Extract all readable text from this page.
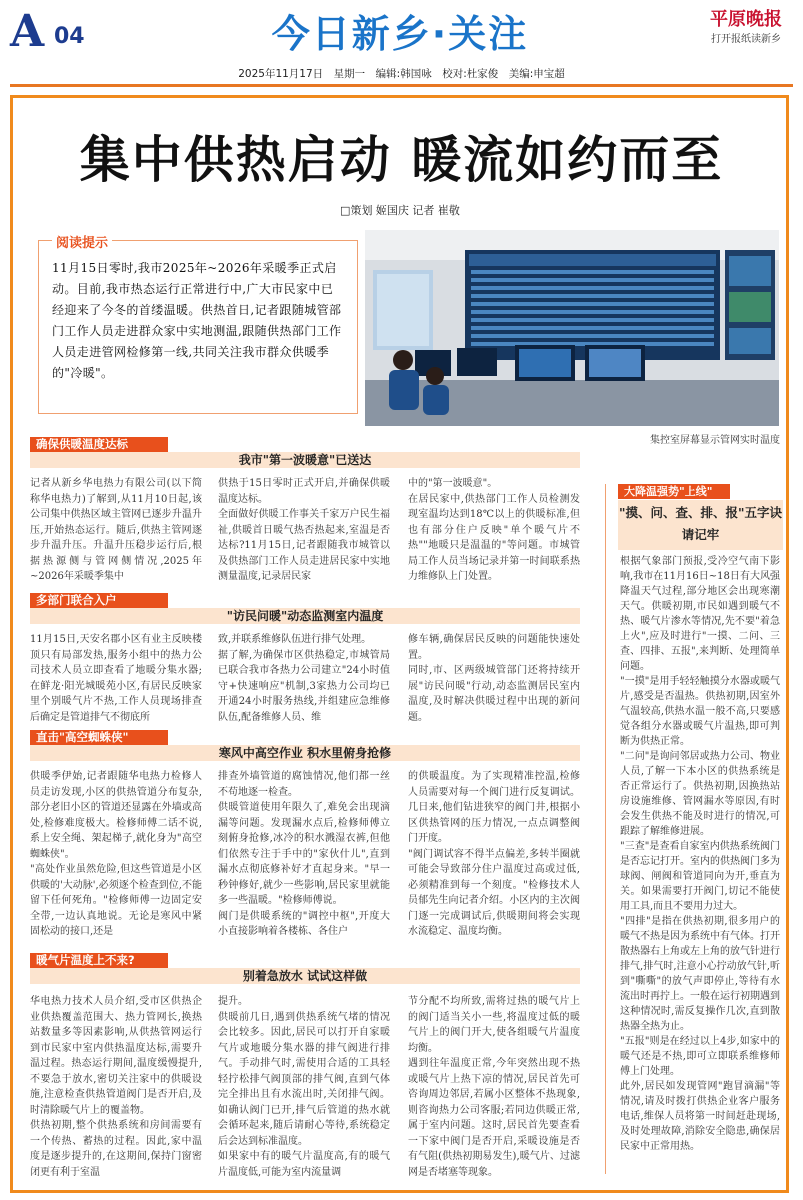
A 04	今日新乡·关注	平原晚报
打开报纸读新乡
2025年11月17日　星期一　编辑:韩国咏　校对:杜家俊　美编:申宝超
集中供热启动 暖流如约而至
□策划 姬国庆 记者 崔敬
阅读提示
11月15日零时,我市2025年~2026年采暖季正式启动。目前,我市热态运行正常进行中,广大市民家中已经迎来了今冬的首缕温暖。供热首日,记者跟随城管部门工作人员走进群众家中实地测温,跟随供热部门工作人员走进管网检修第一线,共同关注我市群众供暖季的"冷暖"。
集控室屏幕显示管网实时温度
确保供暖温度达标
我市"第一波暖意"已送达
记者从新乡华电热力有限公司(以下简称华电热力)了解到,从11月10日起,该公司集中供热区域主管网已逐步升温升压,开始热态运行。随后,供热主管网逐步升温升压。升温升压稳步运行后,根据热源侧与管网侧情况,2025年~2026年采暖季集中
供热于15日零时正式开启,并确保供暖温度达标。
全面做好供暖工作事关千家万户民生福祉,供暖首日暖气热否热起来,室温是否达标?11月15日,记者跟随我市城管以及供热部门工作人员走进居民家中实地测量温度,记录居民家
中的"第一波暖意"。
在居民家中,供热部门工作人员检测发现室温均达到18℃以上的供暖标准,但也有部分住户反映"单个暖气片不热""地暖只是温温的"等问题。市城管局工作人员当场记录并第一时间联系热力维修队上门处置。
多部门联合入户
"访民问暖"动态监测室内温度
11月15日,天安名郡小区有业主反映楼顶只有局部发热,服务小组中的热力公司技术人员立即查看了地暖分集水器;在鲜龙·阳光城暖苑小区,有居民反映家里个别暖气片不热,工作人员现场排查后确定是管道排气不彻底所
致,并联系维修队伍进行排气处理。
据了解,为确保市区供热稳定,市城管局已联合我市各热力公司建立"24小时值守+快速响应"机制,3家热力公司均已开通24小时服务热线,并组建应急维修队伍,配备维修人员、维
修车辆,确保居民反映的问题能快速处置。
同时,市、区两级城管部门还将持续开展"访民问暖"行动,动态监测居民室内温度,及时解决供暖过程中出现的新问题。
直击"高空蜘蛛侠"
寒风中高空作业 积水里俯身抢修
供暖季伊始,记者跟随华电热力检修人员走访发现,小区的供热管道分布复杂,部分老旧小区的管道还显露在外墙或高处,检修难度极大。检修师傅二话不说,系上安全绳、架起梯子,就化身为"高空蜘蛛侠"。
"高处作业虽然危险,但这些管道是小区供暖的'大动脉',必须逐个检查到位,不能留下任何死角。"检修师傅一边固定安全带,一边认真地说。无论是寒风中紧固松动的接口,还是
排查外墙管道的腐蚀情况,他们都一丝不苟地逐一检查。
供暖管道使用年限久了,难免会出现滴漏等问题。发现漏水点后,检修师傅立刻俯身抢修,冰冷的积水溅湿衣裤,但他们依然专注于手中的"家伙什儿",直到漏水点彻底修补好才直起身来。"早一秒钟修好,就少一些影响,居民家里就能多一些温暖。"检修师傅说。
阀门是供暖系统的"调控中枢",开度大小直接影响着各楼栋、各住户
的供暖温度。为了实现精准控温,检修人员需要对每一个阀门进行反复调试。几日来,他们钻进狭窄的阀门井,根据小区供热管网的压力情况,一点点调整阀门开度。
"阀门调试容不得半点偏差,多转半圈就可能会导致部分住户温度过高或过低,必须精准到每一个刻度。"检修技术人员郁先生向记者介绍。小区内的主次阀门逐一完成调试后,供暖期间将会实现水流稳定、温度均衡。
暖气片温度上不来?
别着急放水 试试这样做
华电热力技术人员介绍,受市区供热企业供热覆盖范围大、热力管网长,换热站数量多等因素影响,从供热管网运行到市民家中室内供热温度达标,需要升温过程。热态运行期间,温度缓慢提升,不要急于放水,密切关注家中的供暖设施,注意检查供热管道阀门是否开启,及时清除暖气片上的覆盖物。
供热初期,整个供热系统和房间需要有一个传热、蓄热的过程。因此,家中温度是逐步提升的,在这期间,保持门窗密闭更有利于室温
提升。
供暖前几日,遇到供热系统气堵的情况会比较多。因此,居民可以打开自家暖气片或地暖分集水器的排气阀进行排气。手动排气时,需使用合适的工具轻轻拧松排气阀顶部的排气阀,直到气体完全排出且有水流出时,关闭排气阀。如确认阀门已开,排气后管道的热水就会循环起来,随后请耐心等待,系统稳定后会达到标准温度。
如果家中有的暖气片温度高,有的暖气片温度低,可能为室内流量调
节分配不均所致,需将过热的暖气片上的阀门适当关小一些,将温度过低的暖气片上的阀门开大,使各组暖气片温度均衡。
遇到往年温度正常,今年突然出现不热或暖气片上热下凉的情况,居民首先可咨询周边邻居,若属小区整体不热现象,则咨询热力公司客服;若同边供暖正常,属于室内问题。这时,居民首先要查看一下家中阀门是否开启,采暖设施是否有气阻(供热初期易发生),暖气片、过滤网是否堵塞等现象。
大降温强势"上线"
"摸、问、查、排、报"五字诀请记牢
根据气象部门预报,受冷空气南下影响,我市在11月16日~18日有大风强降温天气过程,部分地区会出现寒潮天气。供暖初期,市民如遇到暖气不热、暖气片渗水等情况,先不要"着急上火",应及时进行"一摸、二问、三查、四排、五报",来判断、处理简单问题。
"一摸"是用手轻轻触摸分水器或暖气片,感受是否温热。供热初期,因室外气温较高,供热水温一般不高,只要感觉各组分水器或暖气片温热,即可判断为供热正常。
"二问"是询问邻居或热力公司、物业人员,了解一下本小区的供热系统是否正常运行了。供热初期,因换热站房设施维修、管网漏水等原因,有时会发生供热不能及时进行的情况,可跟踪了解维修进展。
"三查"是查看自家室内供热系统阀门是否忘记打开。室内的供热阀门多为球阀、闸阀和管道同向为开,垂直为关。如果需要打开阀门,切记不能使用工具,而且不要用力过大。
"四排"是指在供热初期,很多用户的暖气不热是因为系统中有气体。打开散热器右上角或左上角的放气针进行排气,排气时,注意小心拧动放气针,听到"嘶嘶"的放气声即停止,等待有水流出时再拧上。一般在运行初期遇到这种情况时,需反复操作几次,直到散热器全热为止。
"五报"则是在经过以上4步,如家中的暖气还是不热,即可立即联系维修师傅上门处理。
此外,居民如发现管网"跑冒滴漏"等情况,请及时拨打供热企业客户服务电话,维保人员将第一时间赶赴现场,及时处理故障,消除安全隐患,确保居民家中正常用热。
